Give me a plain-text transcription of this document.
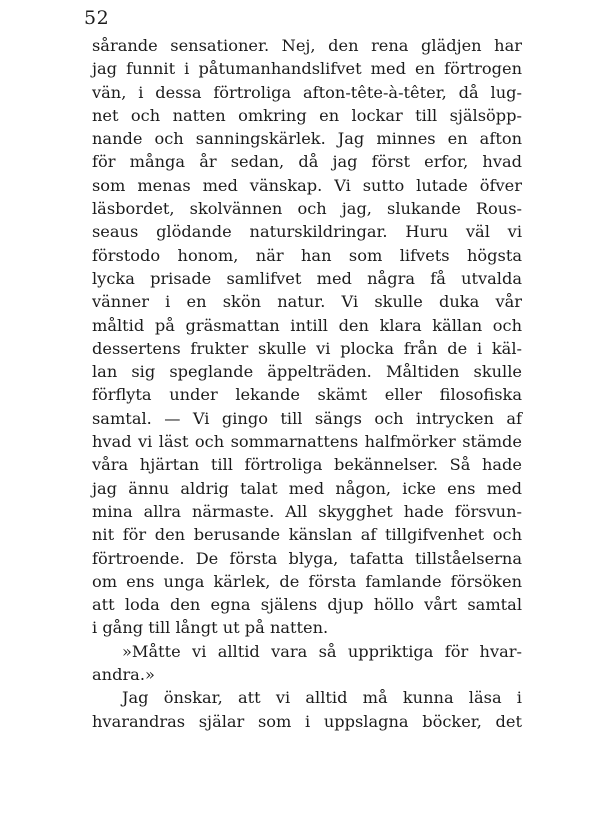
52
sårande sensationer. Nej, den rena glädjen har
jag funnit i påtumanhandslifvet med en förtrogen
vän, i dessa förtroliga afton-tête-à-têter, då lug-
net och natten omkring en lockar till själsöpp-
nande och sanningskärlek. Jag minnes en afton
för många år sedan, då jag först erfor, hvad
som menas med vänskap. Vi sutto lutade öfver
läsbordet, skolvännen och jag, slukande Rous-
seaus glödande naturskildringar. Huru väl vi
förstodo honom, när han som lifvets högsta
lycka prisade samlifvet med några få utvalda
vänner i en skön natur. Vi skulle duka vår
måltid på gräsmattan intill den klara källan och
dessertens frukter skulle vi plocka från de i käl-
lan sig speglande äppelträden. Måltiden skulle
förflyta under lekande skämt eller filosofiska
samtal. — Vi gingo till sängs och intrycken af
hvad vi läst och sommarnattens halfmörker stämde
våra hjärtan till förtroliga bekännelser. Så hade
jag ännu aldrig talat med någon, icke ens med
mina allra närmaste. All skygghet hade försvun-
nit för den berusande känslan af tillgifvenhet och
förtroende. De första blyga, tafatta tillståelserna
om ens unga kärlek, de första famlande försöken
att loda den egna själens djup höllo vårt samtal
i gång till långt ut på natten.
»Måtte vi alltid vara så uppriktiga för hvar-
andra.»
Jag önskar, att vi alltid må kunna läsa i
hvarandras själar som i uppslagna böcker, det
